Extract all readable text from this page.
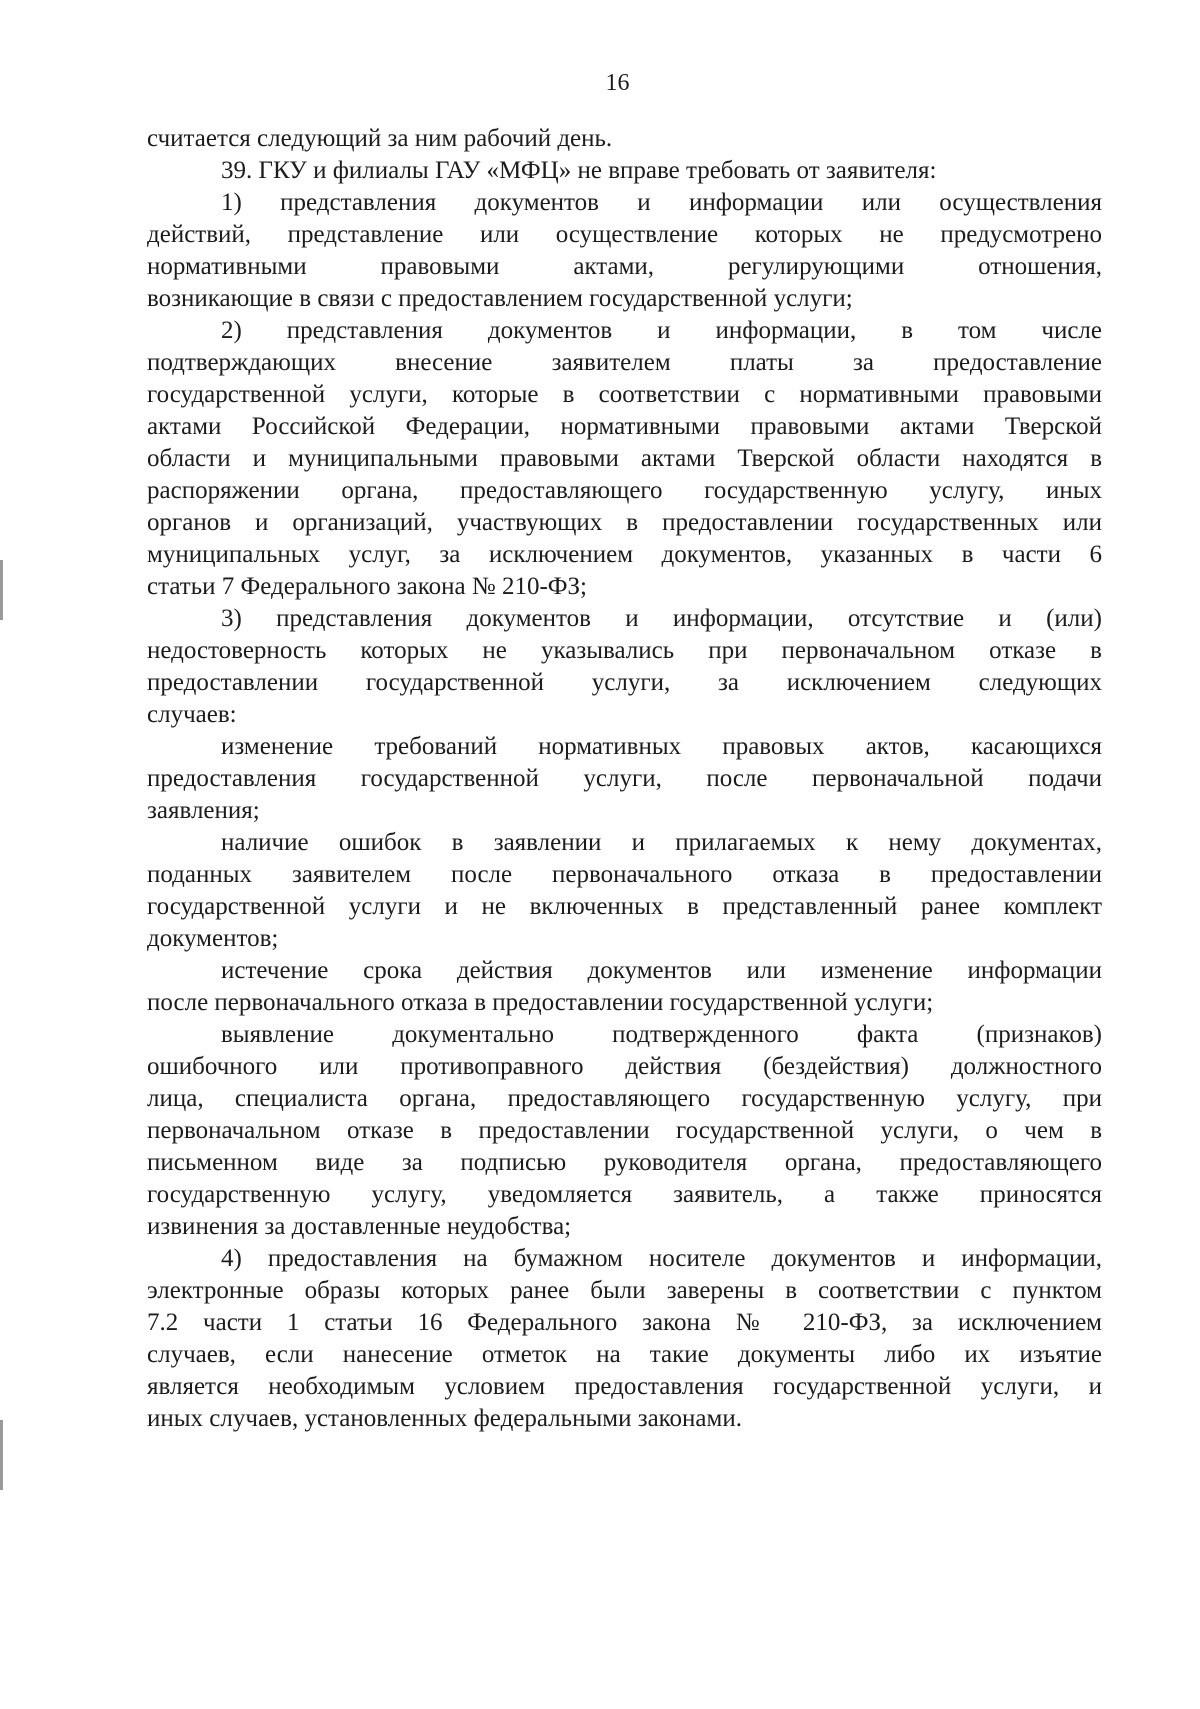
16
считается следующий за ним рабочий день.
39. ГКУ и филиалы ГАУ «МФЦ» не вправе требовать от заявителя:
1) представления документов и информации или осуществления
действий, представление или осуществление которых не предусмотрено
нормативными правовыми актами, регулирующими отношения,
возникающие в связи с предоставлением государственной услуги;
2) представления документов и информации, в том числе
подтверждающих внесение заявителем платы за предоставление
государственной услуги, которые в соответствии с нормативными правовыми
актами Российской Федерации, нормативными правовыми актами Тверской
области и муниципальными правовыми актами Тверской области находятся в
распоряжении органа, предоставляющего государственную услугу, иных
органов и организаций, участвующих в предоставлении государственных или
муниципальных услуг, за исключением документов, указанных в части 6
статьи 7 Федерального закона № 210-ФЗ;
3) представления документов и информации, отсутствие и (или)
недостоверность которых не указывались при первоначальном отказе в
предоставлении государственной услуги, за исключением следующих
случаев:
изменение требований нормативных правовых актов, касающихся
предоставления государственной услуги, после первоначальной подачи
заявления;
наличие ошибок в заявлении и прилагаемых к нему документах,
поданных заявителем после первоначального отказа в предоставлении
государственной услуги и не включенных в представленный ранее комплект
документов;
истечение срока действия документов или изменение информации
после первоначального отказа в предоставлении государственной услуги;
выявление документально подтвержденного факта (признаков)
ошибочного или противоправного действия (бездействия) должностного
лица, специалиста органа, предоставляющего государственную услугу, при
первоначальном отказе в предоставлении государственной услуги, о чем в
письменном виде за подписью руководителя органа, предоставляющего
государственную услугу, уведомляется заявитель, а также приносятся
извинения за доставленные неудобства;
4) предоставления на бумажном носителе документов и информации,
электронные образы которых ранее были заверены в соответствии с пунктом
7.2 части 1 статьи 16 Федерального закона № 210-ФЗ, за исключением
случаев, если нанесение отметок на такие документы либо их изъятие
является необходимым условием предоставления государственной услуги, и
иных случаев, установленных федеральными законами.
